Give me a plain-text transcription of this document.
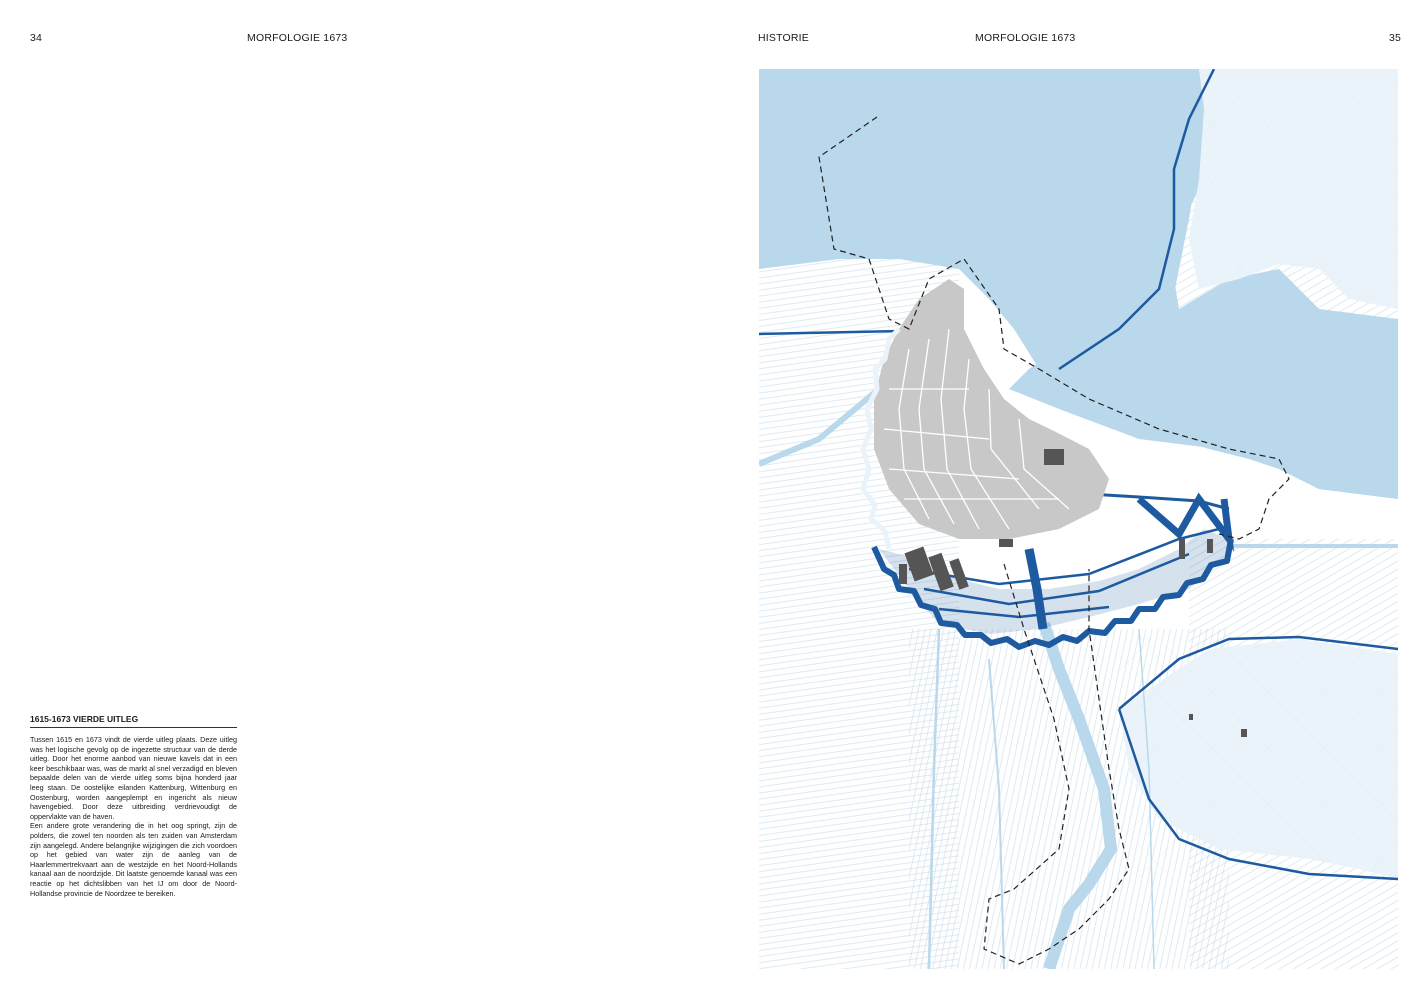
34	MORFOLOGIE 1673	HISTORIE	MORFOLOGIE 1673	35
1615-1673 VIERDE UITLEG

Tussen 1615 en 1673 vindt de vierde uitleg plaats. Deze uitleg was het logische gevolg op de ingezette structuur van de derde uitleg. Door het enorme aanbod van nieuwe kavels dat in een keer beschikbaar was, was de markt al snel verzadigd en bleven bepaalde delen van de vierde uitleg soms bijna honderd jaar leeg staan. De oostelijke eilanden Kattenburg, Wittenburg en Oostenburg, worden aangeplempt en ingericht als nieuw havengebied. Door deze uitbreiding verdrievoudigt de oppervlakte van de haven.

Een andere grote verandering die in het oog springt, zijn de polders, die zowel ten noorden als ten zuiden van Amsterdam zijn aangelegd. Andere belangrijke wijzigingen die zich voordoen op het gebied van water zijn de aanleg van de Haarlemmertrekvaart aan de westzijde en het Noord-Hollands kanaal aan de noordzijde. Dit laatste genoemde kanaal was een reactie op het dichtslibben van het IJ om door de Noord-Hollandse provincie de Noordzee te bereiken.
